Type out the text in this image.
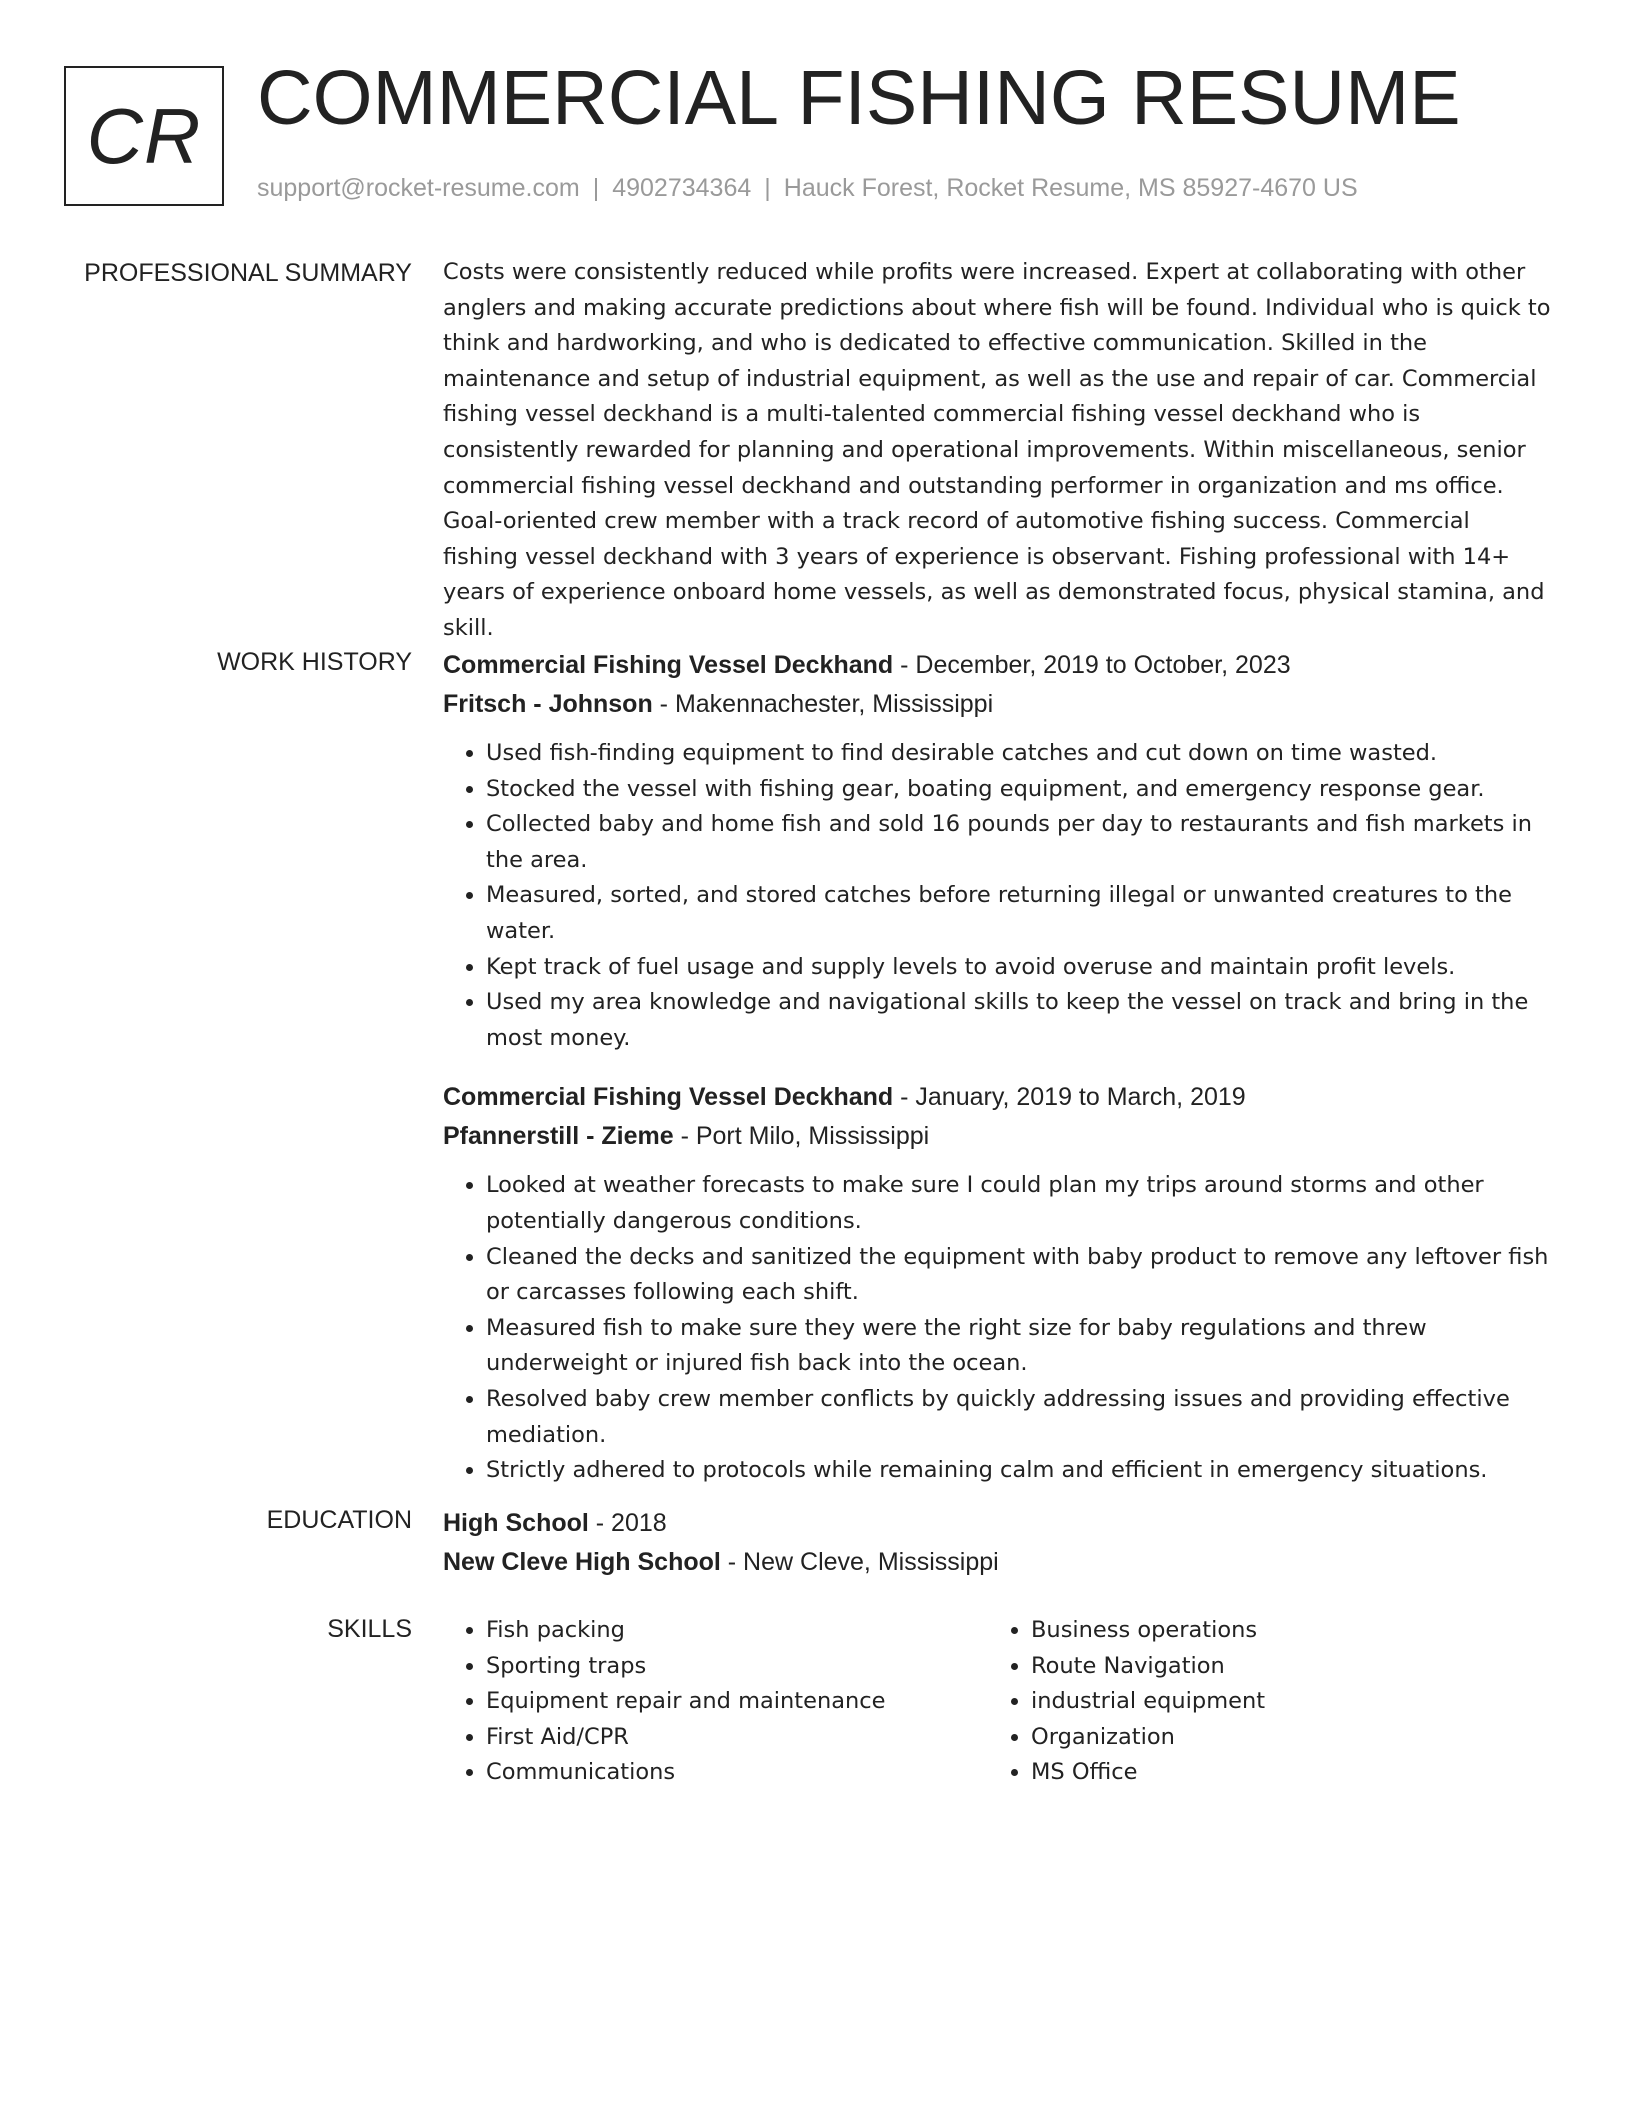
CR COMMERCIAL FISHING RESUME
support@rocket-resume.com | 4902734364 | Hauck Forest, Rocket Resume, MS 85927-4670 US
PROFESSIONAL SUMMARY Costs were consistently reduced while profits were increased. Expert at collaborating with other anglers and making accurate predictions about where fish will be found. Individual who is quick to think and hardworking, and who is dedicated to effective communication. Skilled in the maintenance and setup of industrial equipment, as well as the use and repair of car. Commercial fishing vessel deckhand is a multi-talented commercial fishing vessel deckhand who is consistently rewarded for planning and operational improvements. Within miscellaneous, senior commercial fishing vessel deckhand and outstanding performer in organization and ms office. Goal-oriented crew member with a track record of automotive fishing success. Commercial fishing vessel deckhand with 3 years of experience is observant. Fishing professional with 14+ years of experience onboard home vessels, as well as demonstrated focus, physical stamina, and skill.

WORK HISTORY Commercial Fishing Vessel Deckhand - December, 2019 to October, 2023
Fritsch - Johnson - Makennachester, Mississippi
• Used fish-finding equipment to find desirable catches and cut down on time wasted.
• Stocked the vessel with fishing gear, boating equipment, and emergency response gear.
• Collected baby and home fish and sold 16 pounds per day to restaurants and fish markets in the area.
• Measured, sorted, and stored catches before returning illegal or unwanted creatures to the water.
• Kept track of fuel usage and supply levels to avoid overuse and maintain profit levels.
• Used my area knowledge and navigational skills to keep the vessel on track and bring in the most money.
Commercial Fishing Vessel Deckhand - January, 2019 to March, 2019
Pfannerstill - Zieme - Port Milo, Mississippi
• Looked at weather forecasts to make sure I could plan my trips around storms and other potentially dangerous conditions.
• Cleaned the decks and sanitized the equipment with baby product to remove any leftover fish or carcasses following each shift.
• Measured fish to make sure they were the right size for baby regulations and threw underweight or injured fish back into the ocean.
• Resolved baby crew member conflicts by quickly addressing issues and providing effective mediation.
• Strictly adhered to protocols while remaining calm and efficient in emergency situations.
EDUCATION High School - 2018
New Cleve High School - New Cleve, Mississippi
SKILLS
•	Fish packing
• Sporting traps
• Equipment repair and maintenance
• First Aid/CPR
• Communications
• Business operations
• Route Navigation
• industrial equipment
• Organization
• MS Office
